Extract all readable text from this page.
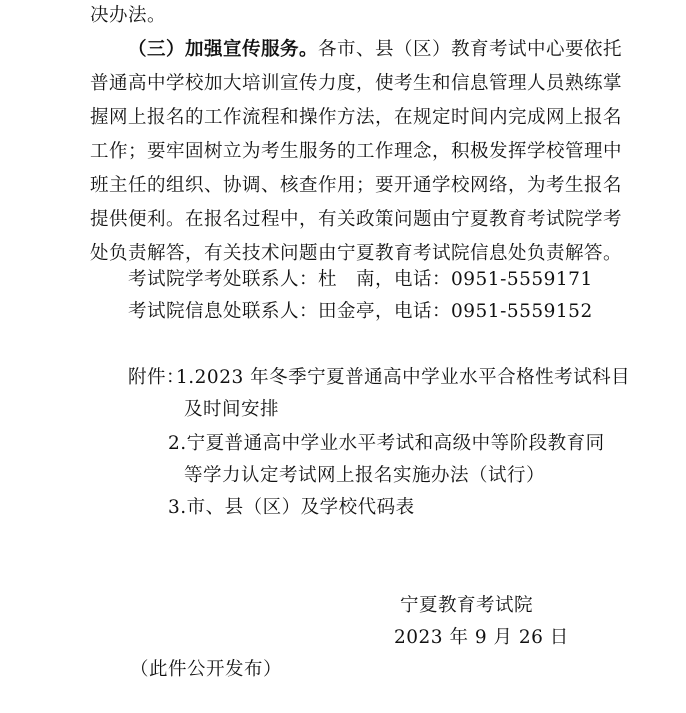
决办法。
（三）加强宣传服务。各市、县（区）教育考试中心要依托
普通高中学校加大培训宣传力度，使考生和信息管理人员熟练掌
握网上报名的工作流程和操作方法，在规定时间内完成网上报名
工作；要牢固树立为考生服务的工作理念，积极发挥学校管理中
班主任的组织、协调、核查作用；要开通学校网络，为考生报名
提供便利。在报名过程中，有关政策问题由宁夏教育考试院学考
处负责解答，有关技术问题由宁夏教育考试院信息处负责解答。
考试院学考处联系人：杜　南，电话：0951-5559171
考试院信息处联系人：田金亭，电话：0951-5559152
附件：
1.2023 年冬季宁夏普通高中学业水平合格性考试科目
及时间安排
2.宁夏普通高中学业水平考试和高级中等阶段教育同
等学力认定考试网上报名实施办法（试行）
3.市、县（区）及学校代码表
宁夏教育考试院
2023 年 9 月 26 日
（此件公开发布）
